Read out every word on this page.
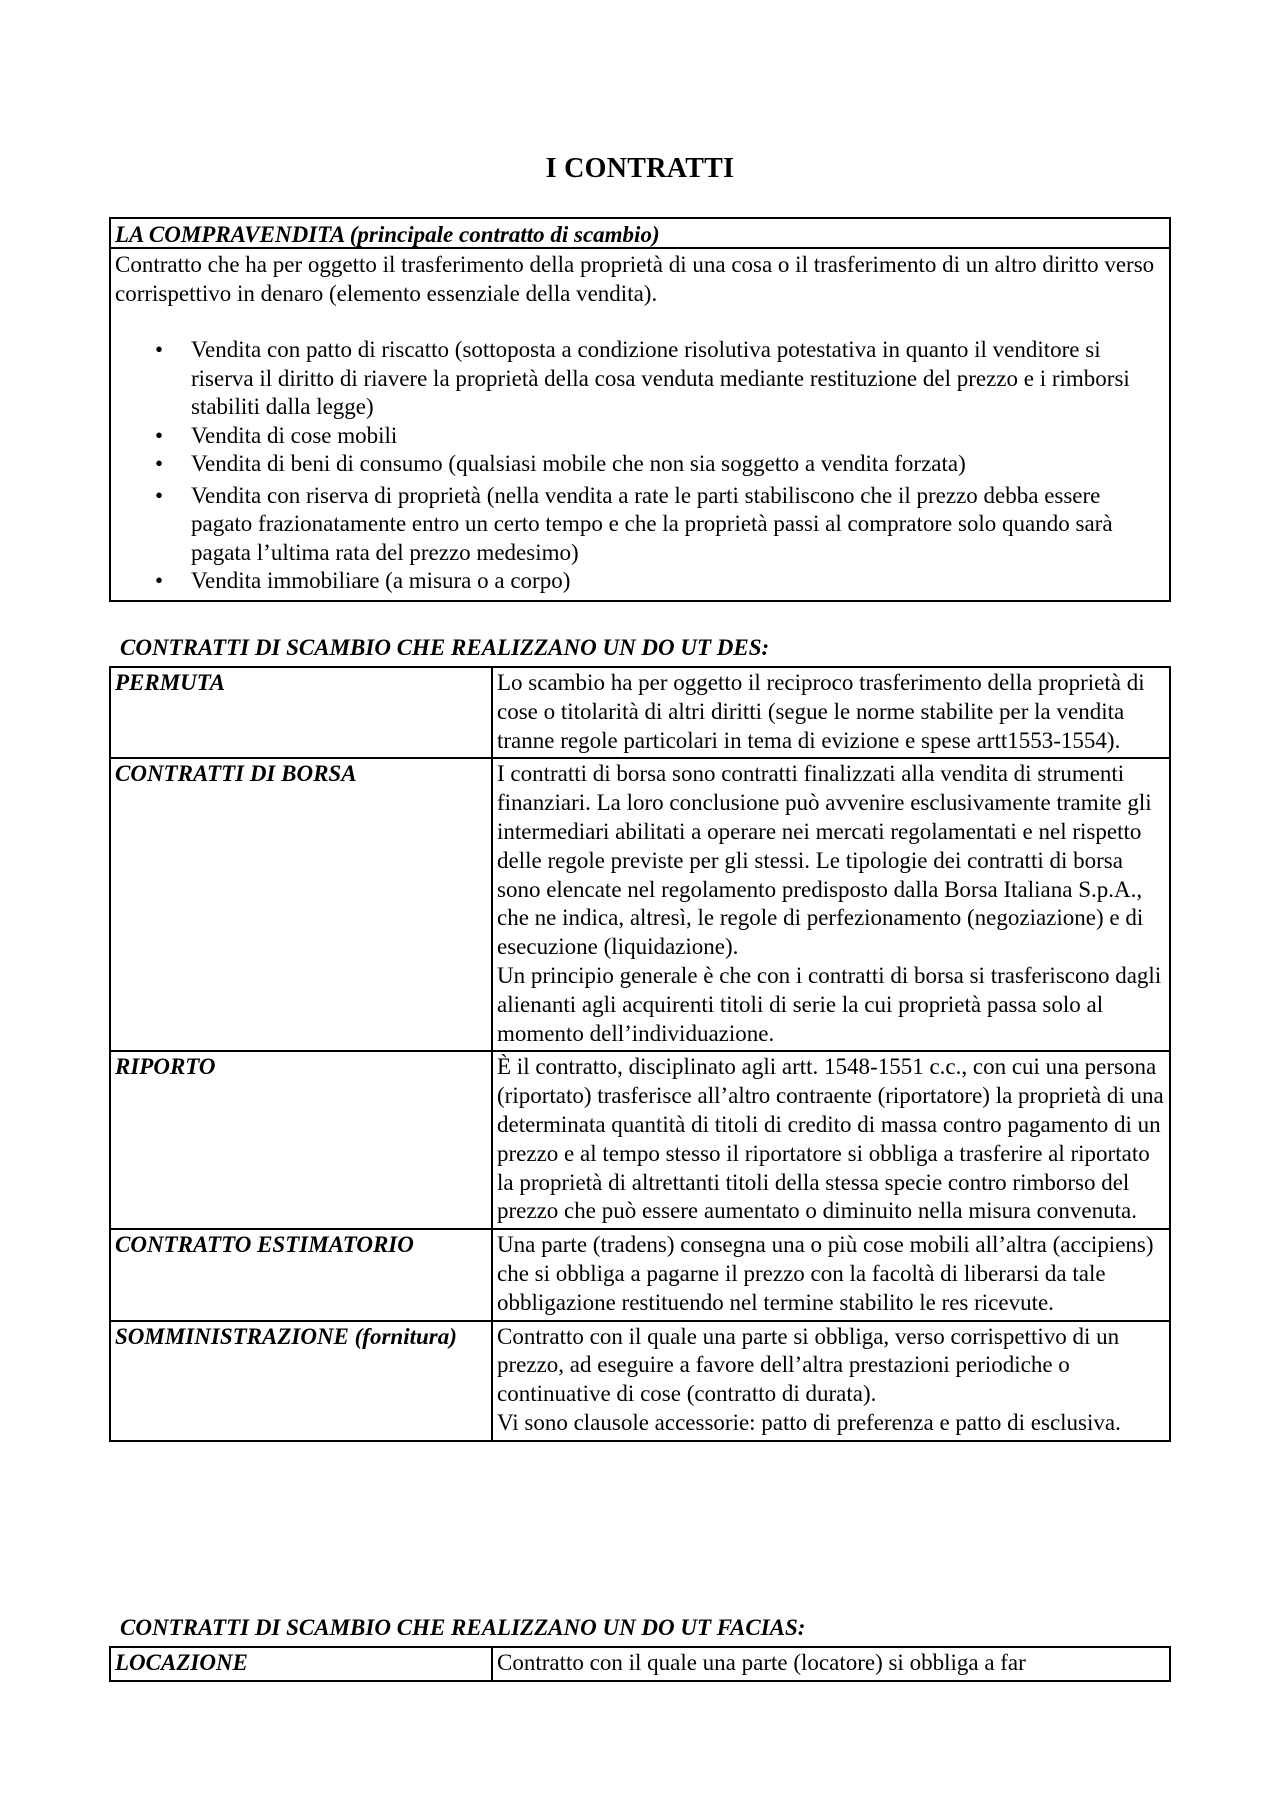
I CONTRATTI
LA COMPRAVENDITA (principale contratto di scambio)

Contratto che ha per oggetto il trasferimento della proprietà di una cosa o il trasferimento di un altro diritto verso corrispettivo in denaro (elemento essenziale della vendita).

• Vendita con patto di riscatto (sottoposta a condizione risolutiva potestativa in quanto il venditore si riserva il diritto di riavere la proprietà della cosa venduta mediante restituzione del prezzo e i rimborsi stabiliti dalla legge)
• Vendita di cose mobili
• Vendita di beni di consumo (qualsiasi mobile che non sia soggetto a vendita forzata)
• Vendita con riserva di proprietà (nella vendita a rate le parti stabiliscono che il prezzo debba essere pagato frazionatamente entro un certo tempo e che la proprietà passi al compratore solo quando sarà pagata l’ultima rata del prezzo medesimo)
• Vendita immobiliare (a misura o a corpo)
CONTRATTI DI SCAMBIO CHE REALIZZANO UN DO UT DES:
PERMUTA	Lo scambio ha per oggetto il reciproco trasferimento della proprietà di cose o titolarità di altri diritti (segue le norme stabilite per la vendita tranne regole particolari in tema di evizione e spese artt1553-1554).

CONTRATTI DI BORSA	I contratti di borsa sono contratti finalizzati alla vendita di strumenti finanziari. La loro conclusione può avvenire esclusivamente tramite gli intermediari abilitati a operare nei mercati regolamentati e nel rispetto delle regole previste per gli stessi. Le tipologie dei contratti di borsa sono elencate nel regolamento predisposto dalla Borsa Italiana S.p.A., che ne indica, altresì, le regole di perfezionamento (negoziazione) e di esecuzione (liquidazione).

Un principio generale è che con i contratti di borsa si trasferiscono dagli alienanti agli acquirenti titoli di serie la cui proprietà passa solo al momento dell’individuazione.

RIPORTO	È il contratto, disciplinato agli artt. 1548-1551 c.c., con cui una persona (riportato) trasferisce all’altro contraente (riportatore) la proprietà di una determinata quantità di titoli di credito di massa contro pagamento di un prezzo e al tempo stesso il riportatore si obbliga a trasferire al riportato la proprietà di altrettanti titoli della stessa specie contro rimborso del prezzo che può essere aumentato o diminuito nella misura convenuta.

CONTRATTO ESTIMATORIO	Una parte (tradens) consegna una o più cose mobili all’altra (accipiens) che si obbliga a pagarne il prezzo con la facoltà di liberarsi da tale obbligazione restituendo nel termine stabilito le res ricevute.

SOMMINISTRAZIONE (fornitura)	Contratto con il quale una parte si obbliga, verso corrispettivo di un prezzo, ad eseguire a favore dell’altra prestazioni periodiche o continuative di cose (contratto di durata).

Vi sono clausole accessorie: patto di preferenza e patto di esclusiva.

CONTRATTI DI SCAMBIO CHE REALIZZANO UN DO UT FACIAS:
LOCAZIONE	Contratto con il quale una parte (locatore) si obbliga a far
